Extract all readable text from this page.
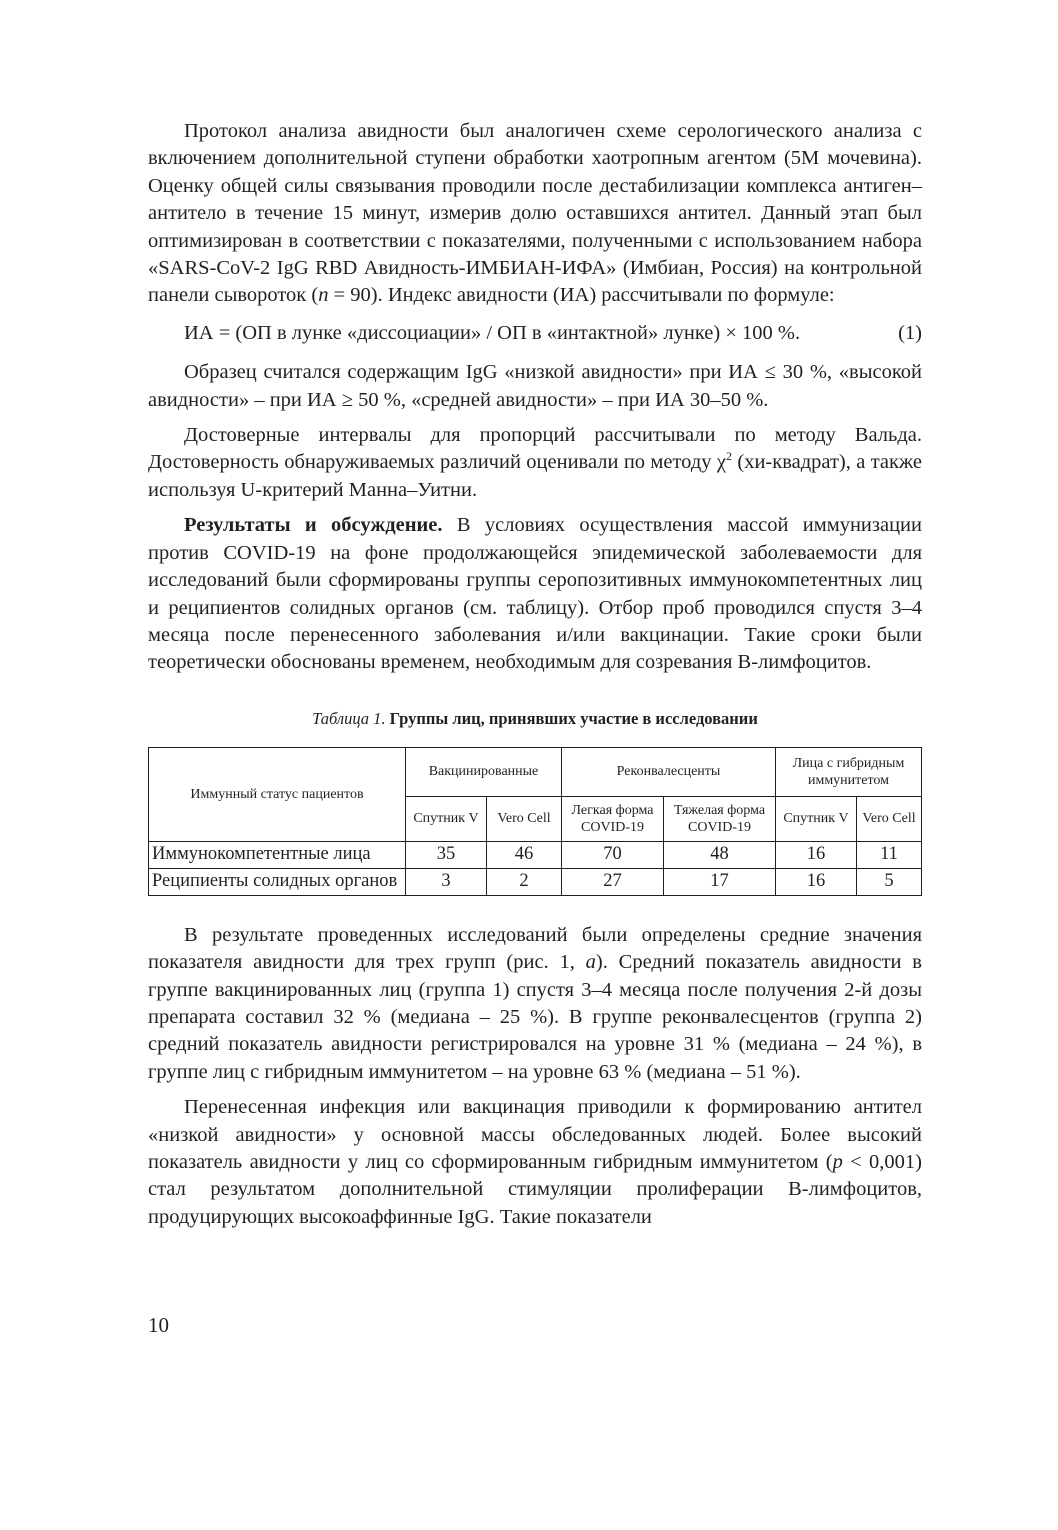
Протокол анализа авидности был аналогичен схеме серологического анализа с включением дополнительной ступени обработки хаотропным агентом (5М мочевина). Оценку общей силы связывания проводили после дестабилизации комплекса антиген–антитело в течение 15 минут, измерив долю оставшихся антител. Данный этап был оптимизирован в соответствии с показателями, полученными с использованием набора «SARS-CoV-2 IgG RBD Авидность-ИМБИАН-ИФА» (Имбиан, Россия) на контрольной панели сывороток (n = 90). Индекс авидности (ИА) рассчитывали по формуле:

ИА = (ОП в лунке «диссоциации» / ОП в «интактной» лунке) × 100 %.	(1)

Образец считался содержащим IgG «низкой авидности» при ИА ≤ 30 %, «высокой авидности» – при ИА ≥ 50 %, «средней авидности» – при ИА 30–50 %.

Достоверные интервалы для пропорций рассчитывали по методу Вальда. Достоверность обнаруживаемых различий оценивали по методу $\chi^2$ (хи-квадрат), а также используя U-критерий Манна–Уитни.

Результаты и обсуждение. В условиях осуществления массой иммунизации против COVID-19 на фоне продолжающейся эпидемической заболеваемости для исследований были сформированы группы серопозитивных иммунокомпетентных лиц и реципиентов солидных органов (см. таблицу). Отбор проб проводился спустя 3–4 месяца после перенесенного заболевания и/или вакцинации. Такие сроки были теоретически обоснованы временем, необходимым для созревания В-лимфоцитов.

Таблица 1. Группы лиц, принявших участие в исследовании
Иммунный статус пациентов	Вакцинированные		Реконвалесценты		Лица с гибридным иммунитетом	
	Спутник V	Vero Cell	Легкая форма COVID-19	Тяжелая форма COVID-19	Спутник V	Vero Cell
Иммунокомпетентные лица	35	46	70	48	16	11
Реципиенты солидных органов	3	2	27	17	16	5

В результате проведенных исследований были определены средние значения показателя авидности для трех групп (рис. 1, а). Средний показатель авидности в группе вакцинированных лиц (группа 1) спустя 3–4 месяца после получения 2-й дозы препарата составил 32 % (медиана – 25 %). В группе реконвалесцентов (группа 2) средний показатель авидности регистрировался на уровне 31 % (медиана – 24 %), в группе лиц с гибридным иммунитетом – на уровне 63 % (медиана – 51 %).

Перенесенная инфекция или вакцинация приводили к формированию антител «низкой авидности» у основной массы обследованных людей. Более высокий показатель авидности у лиц со сформированным гибридным иммунитетом (p < 0,001) стал результатом дополнительной стимуляции пролиферации В-лимфоцитов, продуцирующих высокоаффинные IgG. Такие показатели

10
